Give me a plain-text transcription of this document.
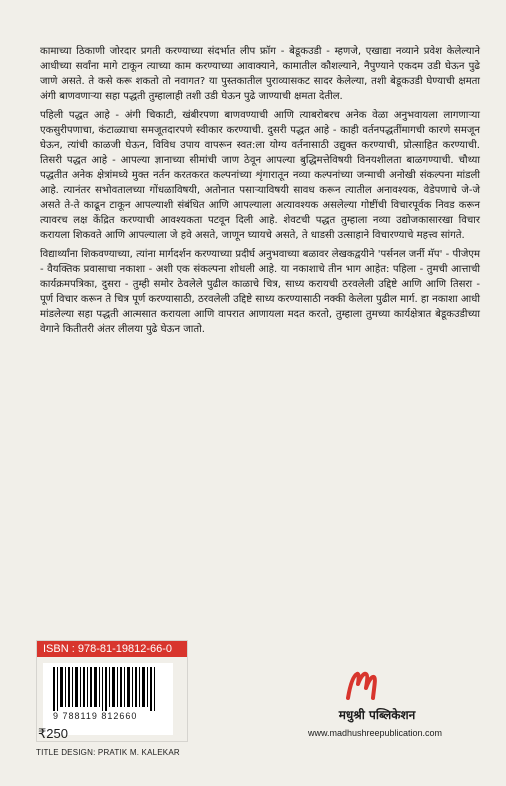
कामाच्या ठिकाणी जोरदार प्रगती करण्याच्या संदर्भात लीप फ्रॉग - बेडूकउडी - म्हणजे, एखाद्या नव्याने प्रवेश केलेल्याने आधीच्या सर्वांना मागे टाकून त्याच्या काम करण्याच्या आवाक्याने, कामातील कौशल्याने, नैपुण्याने एकदम उडी घेऊन पुढे जाणे असते. ते कसे करू शकतो तो नवागत? या पुस्तकातील पुराव्यासकट सादर केलेल्या, तशी बेडूकउडी घेण्याची क्षमता अंगी बाणवणाऱ्या सहा पद्धती तुम्हालाही तशी उडी घेऊन पुढे जाण्याची क्षमता देतील.

पहिली पद्धत आहे - अंगी चिकाटी, खंबीरपणा बाणवण्याची आणि त्याबरोबरच अनेक वेळा अनुभवायला लागणाऱ्या एकसुरीपणाचा, कंटाळ्याचा समजूतदारपणे स्वीकार करण्याची. दुसरी पद्धत आहे - काही वर्तनपद्धतींमागची कारणे समजून घेऊन, त्यांची काळजी घेऊन, विविध उपाय वापरून स्वत:ला योग्य वर्तनासाठी उद्युक्त करण्याची, प्रोत्साहित करण्याची. तिसरी पद्धत आहे - आपल्या ज्ञानाच्या सीमांची जाण ठेवून आपल्या बुद्धिमत्तेविषयी विनयशीलता बाळगण्याची. चौथ्या पद्धतीत अनेक क्षेत्रांमध्ये मुक्त नर्तन करतकरत कल्पनांच्या शृंगारातून नव्या कल्पनांच्या जन्माची अनोखी संकल्पना मांडली आहे. त्यानंतर सभोवतालच्या गोंधळाविषयी, अतोनात पसाऱ्याविषयी सावध करून त्यातील अनावश्यक, वेडेपणाचे जे-जे असते ते-ते काढून टाकून आपल्याशी संबंधित आणि आपल्याला अत्यावश्यक असलेल्या गोष्टींची विचारपूर्वक निवड करून त्यावरच लक्ष केंद्रित करण्याची आवश्यकता पटवून दिली आहे. शेवटची पद्धत तुम्हाला नव्या उद्योजकासारखा विचार करायला शिकवते आणि आपल्याला जे हवे असते, जाणून घ्यायचे असते, ते धाडसी उत्साहाने विचारण्याचे महत्त्व सांगते.

विद्यार्थ्यांना शिकवण्याच्या, त्यांना मार्गदर्शन करण्याच्या प्रदीर्घ अनुभवाच्या बळावर लेखकद्वयीने 'पर्सनल जर्नी मॅप' - पीजेएम - वैयक्तिक प्रवासाचा नकाशा - अशी एक संकल्पना शोधली आहे. या नकाशाचे तीन भाग आहेत: पहिला - तुमची आत्ताची कार्यक्रमपत्रिका, दुसरा - तुम्ही समोर ठेवलेले पुढील काळाचे चित्र, साध्य करायची ठरवलेली उद्दिष्टे आणि आणि तिसरा - पूर्ण विचार करून ते चित्र पूर्ण करण्यासाठी, ठरवलेली उद्दिष्टे साध्य करण्यासाठी नक्की केलेला पुढील मार्ग. हा नकाशा आधी मांडलेल्या सहा पद्धती आत्मसात करायला आणि वापरात आणायला मदत करतो, तुम्हाला तुमच्या कार्यक्षेत्रात बेडूकउडीच्या वेगाने कितीतरी अंतर लीलया पुढे घेऊन जातो.

ISBN : 978-81-19812-66-0
9 788119 812660
₹250
TITLE DESIGN: PRATIK M. KALEKAR
मधुश्री पब्लिकेशन
www.madhushreepublication.com
